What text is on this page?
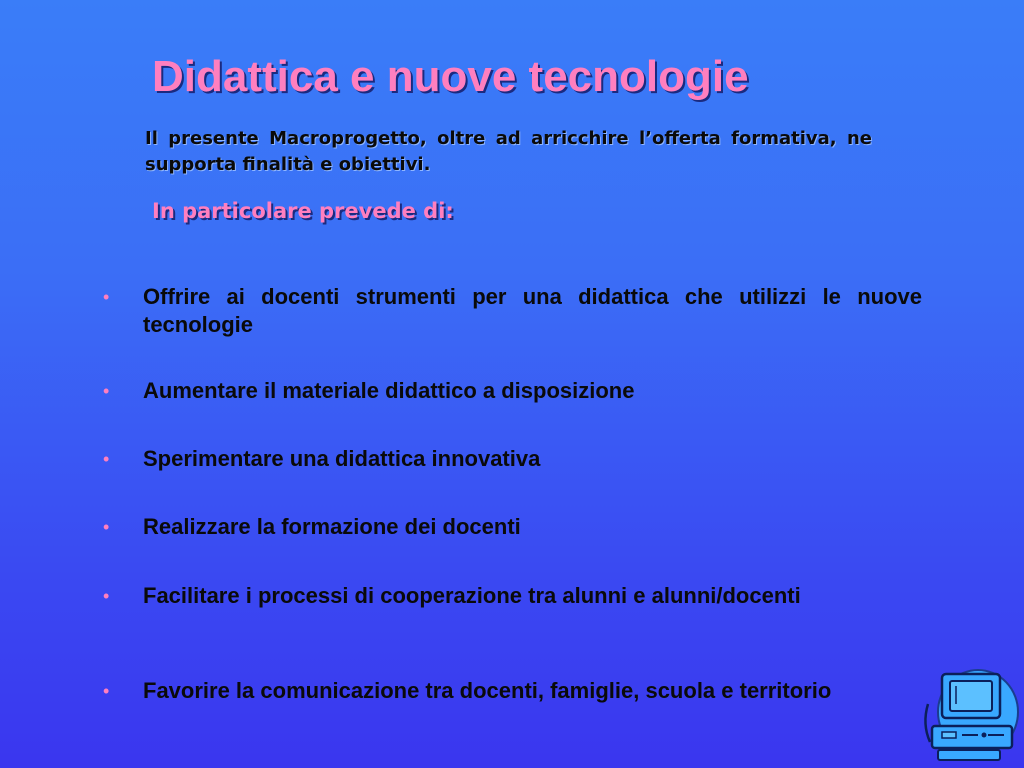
Didattica e nuove tecnologie
Il presente Macroprogetto, oltre ad arricchire l’offerta formativa, ne supporta finalità e obiettivi.
In particolare prevede di:
• Offrire ai docenti strumenti per una didattica che utilizzi le nuove tecnologie
• Aumentare il materiale didattico a disposizione
• Sperimentare una didattica innovativa
• Realizzare la formazione dei docenti
• Facilitare i processi di cooperazione tra alunni e alunni/docenti
• Favorire la comunicazione tra docenti, famiglie, scuola e territorio
